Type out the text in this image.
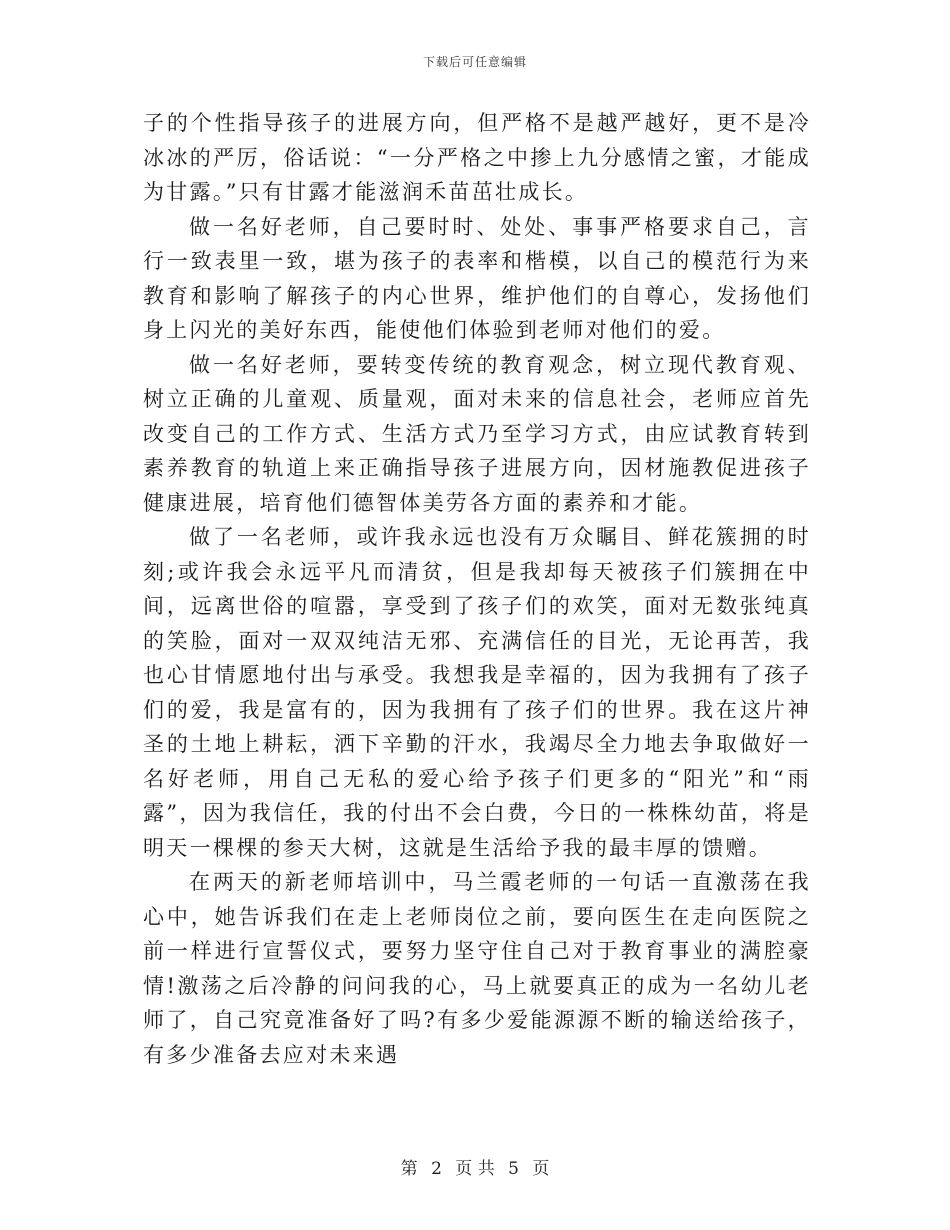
下载后可任意编辑

子的个性指导孩子的进展方向，但严格不是越严越好，更不是冷冰冰的严厉，俗话说：“一分严格之中掺上九分感情之蜜，才能成为甘露。”只有甘露才能滋润禾苗茁壮成长。

做一名好老师，自己要时时、处处、事事严格要求自己，言行一致表里一致，堪为孩子的表率和楷模，以自己的模范行为来教育和影响了解孩子的内心世界，维护他们的自尊心，发扬他们身上闪光的美好东西，能使他们体验到老师对他们的爱。

做一名好老师，要转变传统的教育观念，树立现代教育观、树立正确的儿童观、质量观，面对未来的信息社会，老师应首先改变自己的工作方式、生活方式乃至学习方式，由应试教育转到素养教育的轨道上来正确指导孩子进展方向，因材施教促进孩子健康进展，培育他们德智体美劳各方面的素养和才能。

做了一名老师，或许我永远也没有万众瞩目、鲜花簇拥的时刻;或许我会永远平凡而清贫，但是我却每天被孩子们簇拥在中间，远离世俗的喧嚣，享受到了孩子们的欢笑，面对无数张纯真的笑脸，面对一双双纯洁无邪、充满信任的目光，无论再苦，我也心甘情愿地付出与承受。我想我是幸福的，因为我拥有了孩子们的爱，我是富有的，因为我拥有了孩子们的世界。我在这片神圣的土地上耕耘，洒下辛勤的汗水，我竭尽全力地去争取做好一名好老师，用自己无私的爱心给予孩子们更多的“阳光”和“雨露”，因为我信任，我的付出不会白费，今日的一株株幼苗，将是明天一棵棵的参天大树，这就是生活给予我的最丰厚的馈赠。

在两天的新老师培训中，马兰霞老师的一句话一直激荡在我心中，她告诉我们在走上老师岗位之前，要向医生在走向医院之前一样进行宣誓仪式，要努力坚守住自己对于教育事业的满腔豪情!激荡之后冷静的问问我的心，马上就要真正的成为一名幼儿老师了，自己究竟准备好了吗?有多少爱能源源不断的输送给孩子，有多少准备去应对未来遇

第 2 页 共 5 页
